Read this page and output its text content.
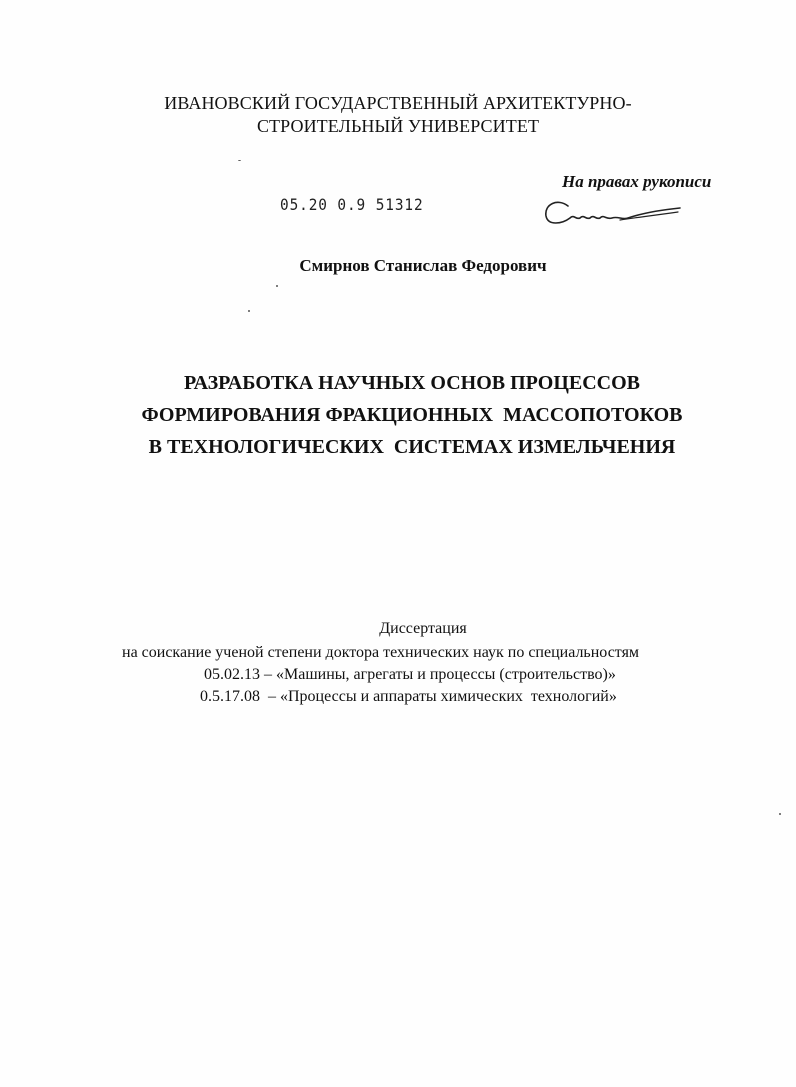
ИВАНОВСКИЙ ГОСУДАРСТВЕННЫЙ АРХИТЕКТУРНО-
СТРОИТЕЛЬНЫЙ УНИВЕРСИТЕТ
На правах рукописи
05.20 0.9 51312
Смирнов Станислав Федорович
РАЗРАБОТКА НАУЧНЫХ ОСНОВ ПРОЦЕССОВ
ФОРМИРОВАНИЯ ФРАКЦИОННЫХ  МАССОПОТОКОВ
В ТЕХНОЛОГИЧЕСКИХ  СИСТЕМАХ ИЗМЕЛЬЧЕНИЯ
Диссертация
на соискание ученой степени доктора технических наук по специальностям
05.02.13 – «Машины, агрегаты и процессы (строительство)»
0.5.17.08  – «Процессы и аппараты химических  технологий»
